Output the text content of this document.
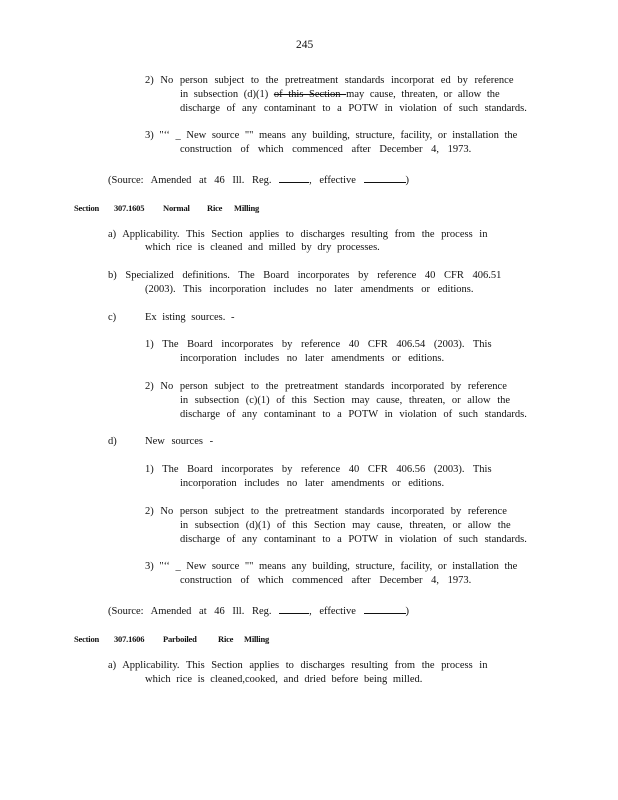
245
2) No person subject to the pretreatment standards incorporat ed by reference
in subsection (d)(1) of this Section may cause, threaten, or allow the
discharge of any contaminant to a POTW in violation of such standards.
3) "‘‘ _ New source "" means any building, structure, facility, or installation the
construction of which commenced after December 4, 1973.
(Source: Amended at 46 Ill. Reg.	, effective	)
Section 307.1605 Normal Rice Milling
a) Applicability. This Section applies to discharges resulting from the process in
which rice is cleaned and milled by dry processes.
b) Specialized definitions. The Board incorporates by reference 40 CFR 406.51
(2003). This incorporation includes no later amendments or editions.
c)	Ex isting sources. -
1) The Board incorporates by reference 40 CFR 406.54 (2003). This
incorporation includes no later amendments or editions.
2) No person subject to the pretreatment standards incorporated by reference
in subsection (c)(1) of this Section may cause, threaten, or allow the
discharge of any contaminant to a POTW in violation of such standards.
d)	New sources -
1) The Board incorporates by reference 40 CFR 406.56 (2003). This
incorporation includes no later amendments or editions.
2) No person subject to the pretreatment standards incorporated by reference
in subsection (d)(1) of this Section may cause, threaten, or allow the
discharge of any contaminant to a POTW in violation of such standards.
3) "‘‘ _ New source "" means any building, structure, facility, or installation the
construction of which commenced after December 4, 1973.
(Source: Amended at 46 Ill. Reg.	, effective	)
Section 307.1606 Parboiled	Rice Milling
a) Applicability. This Section applies to discharges resulting from the process in
which rice is cleaned,cooked, and dried before being milled.
